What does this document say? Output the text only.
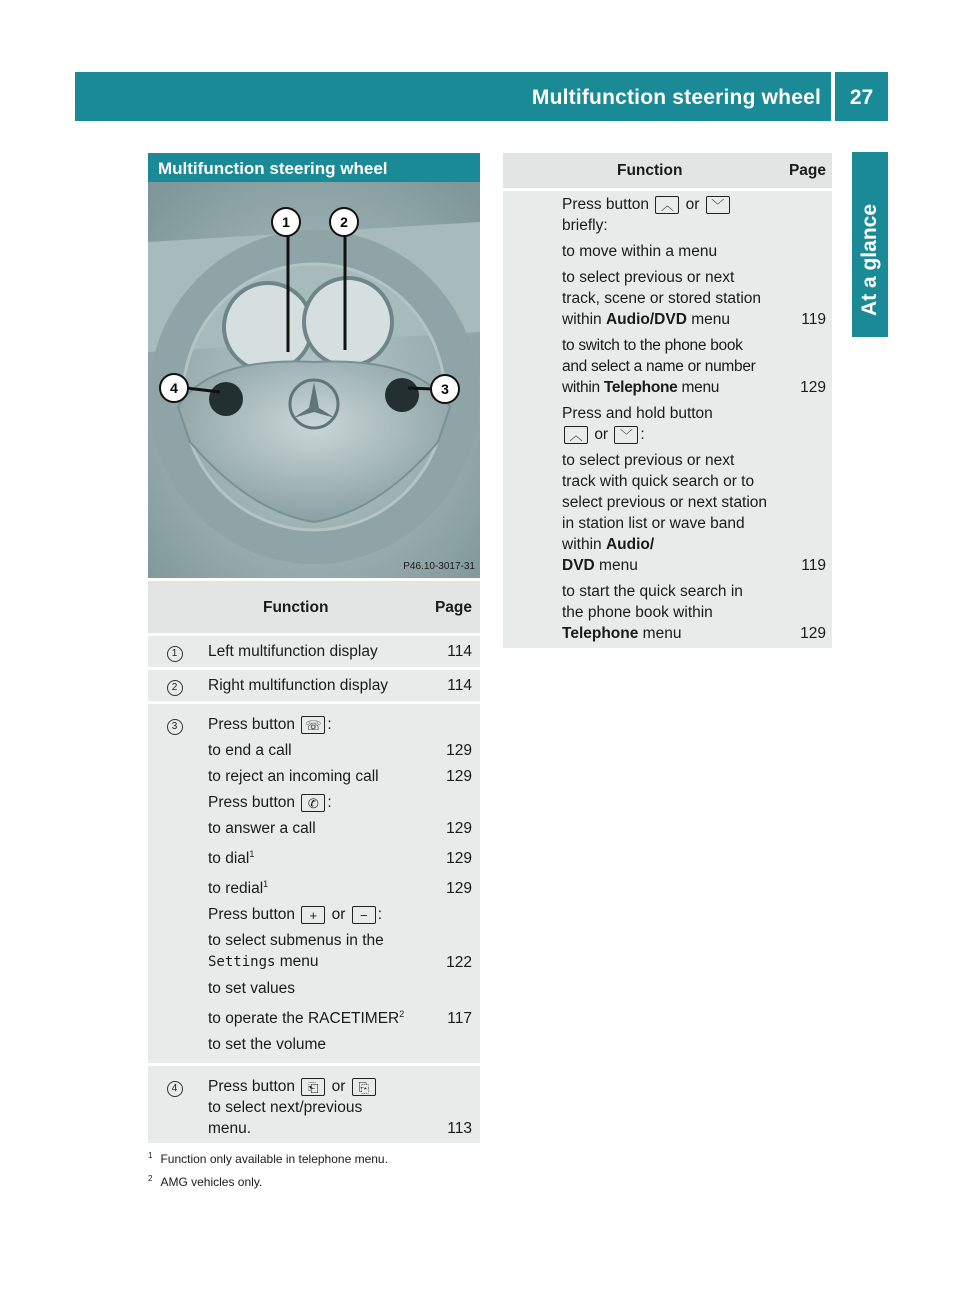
Multifunction steering wheel	27
At a glance
Multifunction steering wheel
1	2
3
4
P46.10-3017-31
Function	Page
1	Left multifunction display	114
2	Right multifunction display	114
3	Press button ☏ :
to end a call	129
to reject an incoming call	129
Press button ✆ :
to answer a call	129
to dial$^1$	129
to redial$^1$	129
Press button + or − :
to select submenus in the
Settings menu	122
to set values
to operate the RACETIMER$^2$	117
to set the volume
4	Press button ⎗ or ⎘
to select next/previous menu.	113
Function	Page
Press button ︿ or ﹀
briefly:
to move within a menu
to select previous or next track, scene or stored station within Audio/DVD menu	119
to switch to the phone book and select a name or number within Telephone menu	129
Press and hold button
︿ or ﹀ :
to select previous or next track with quick search or to select previous or next station in station list or wave band within Audio/
DVD menu	119
to start the quick search in the phone book within Telephone menu	129
$^1$ Function only available in telephone menu.
$^2$ AMG vehicles only.
